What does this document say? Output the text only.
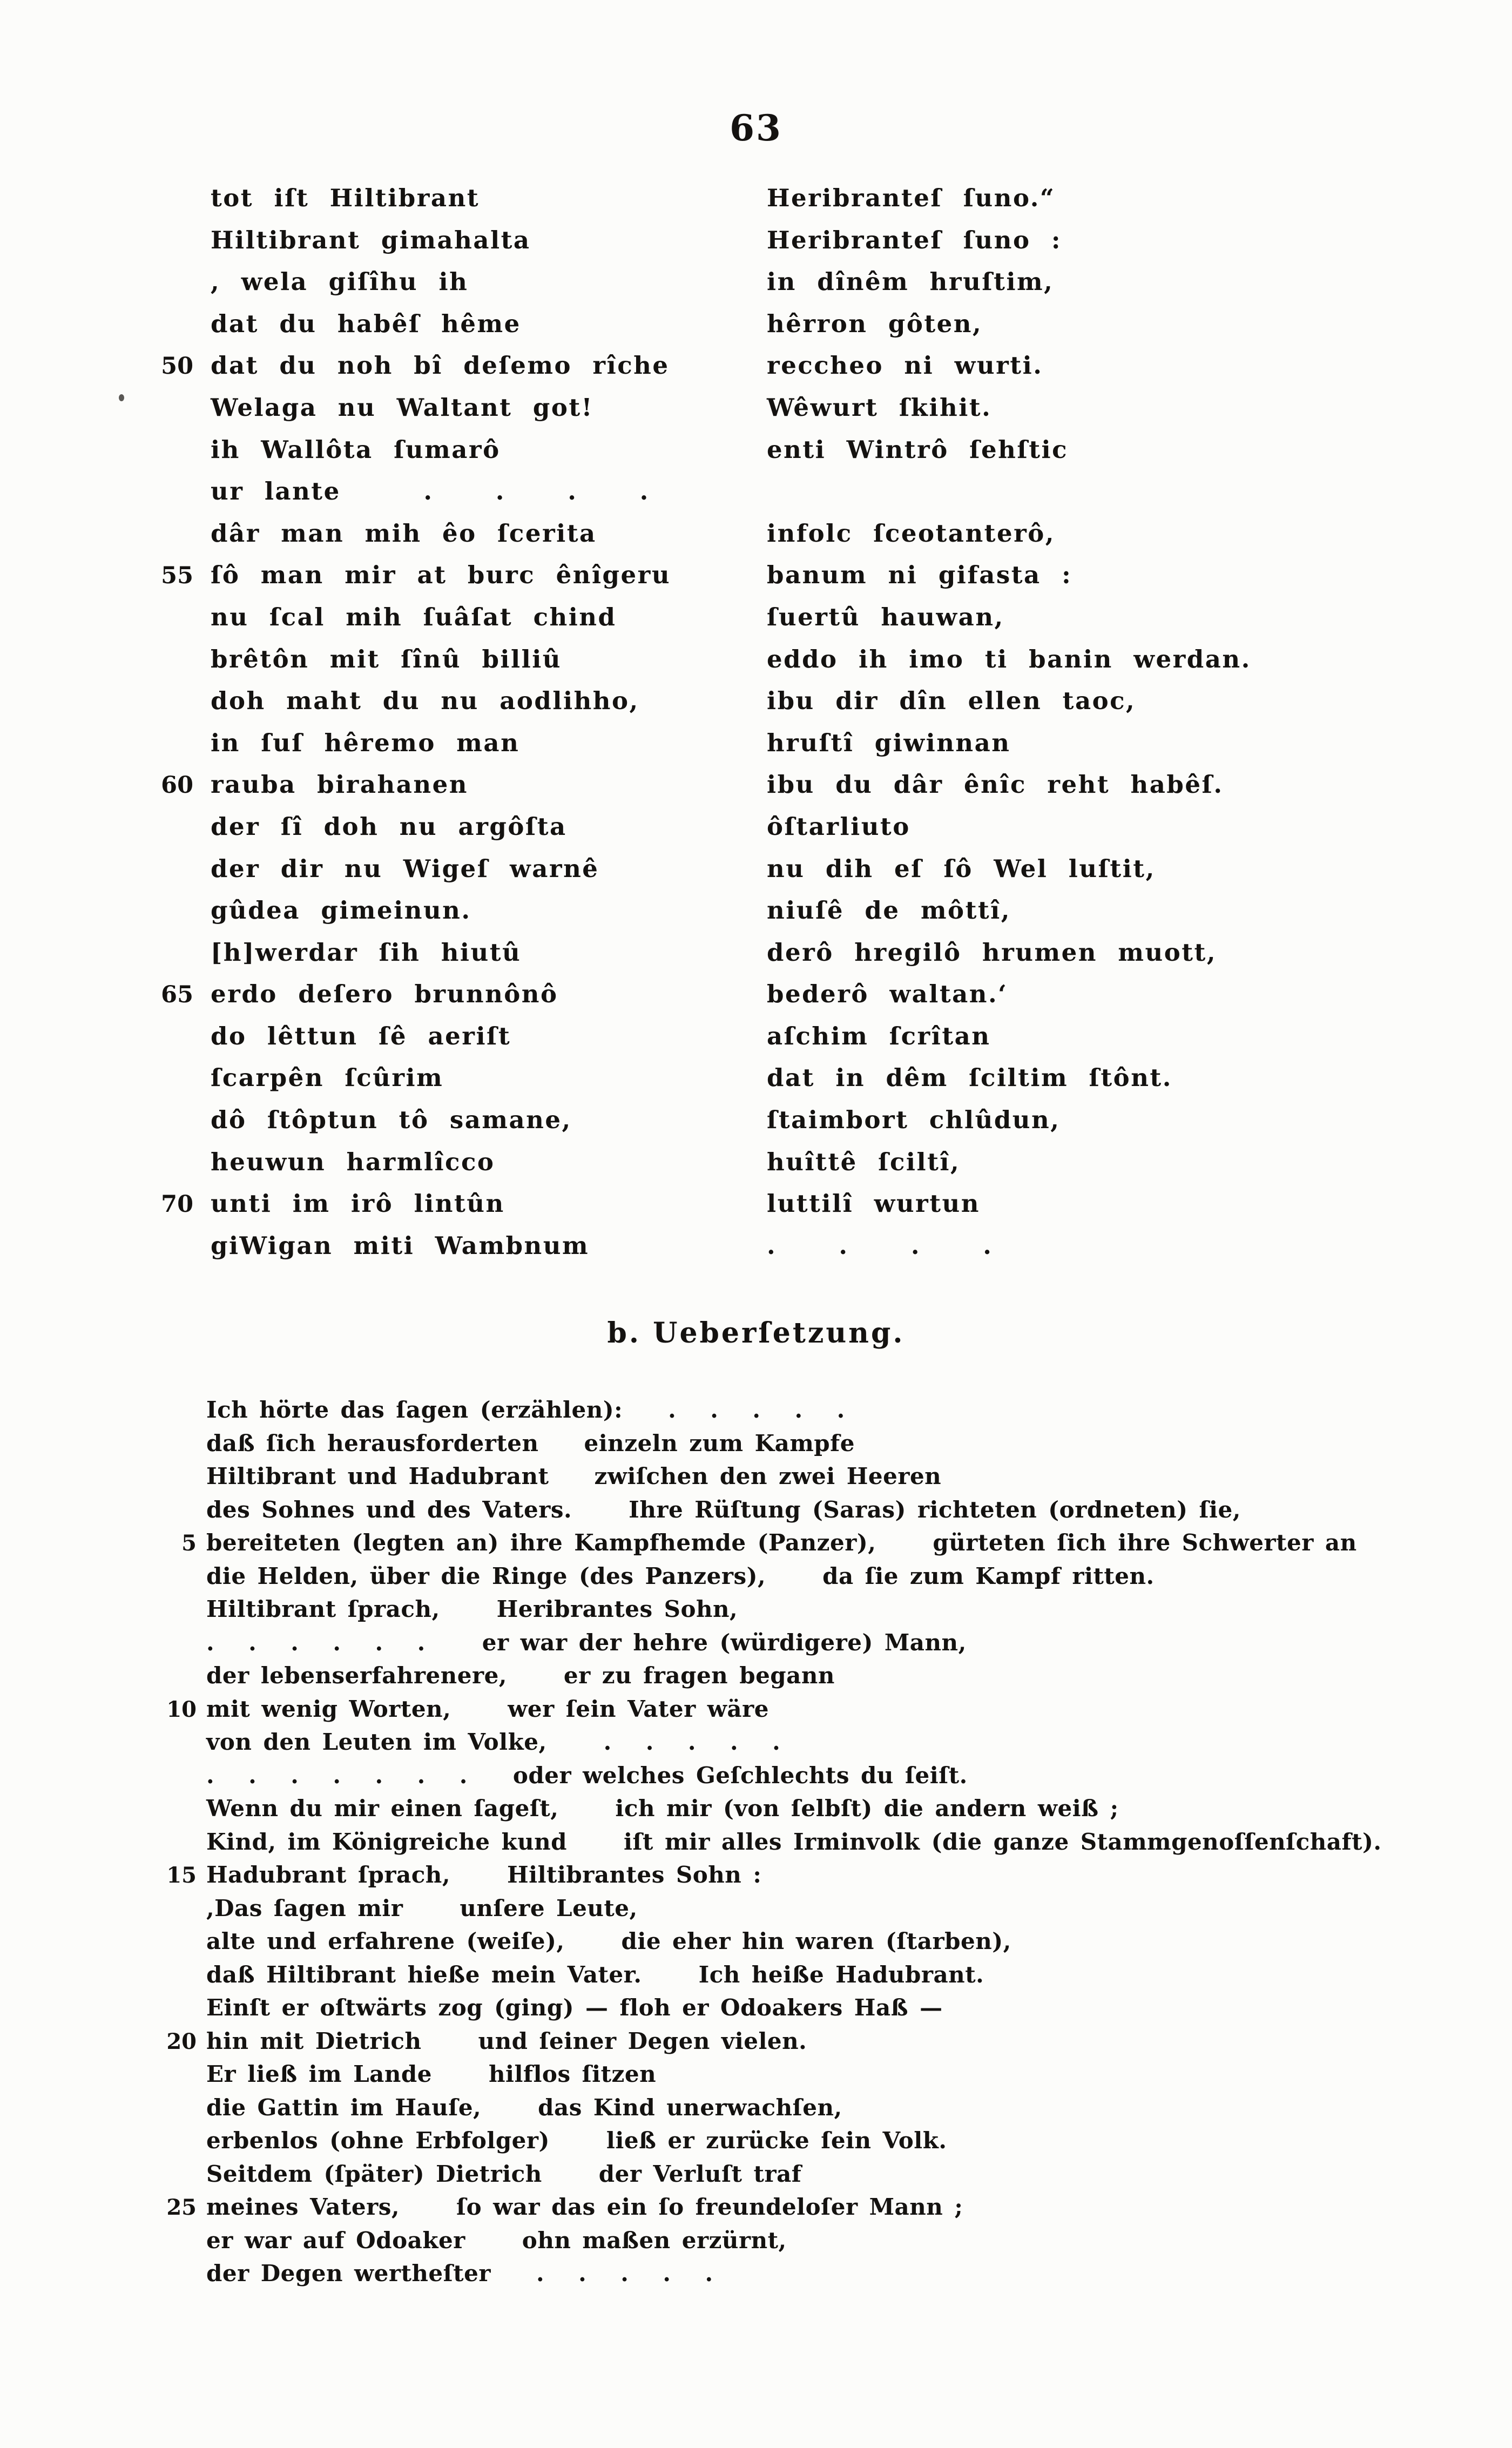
63
tot iſt Hiltibrant	Heribranteſ ſuno.“
Hiltibrant gimahalta	Heribranteſ ſuno :
, wela giſîhu ih	in dînêm hruſtim,
dat du habêſ hême	hêrron gôten,
50 dat du noh bî deſemo rîche	reccheo ni wurti.
Welaga nu Waltant got!	Wêwurt ſkihit.
ih Wallôta ſumarô	enti Wintrô ſehſtic
ur lante    .   .   .   .
dâr man mih êo ſcerita	infolc ſceotanterô,
55 ſô man mir at burc ênîgeru	banum ni gifasta :
nu ſcal mih ſuâſat chind	ſuertû hauwan,
brêtôn mit ſînû billiû	eddo ih imo ti banin werdan.
doh maht du nu aodlihho,	ibu dir dîn ellen taoc,
in ſuſ hêremo man	hruſtî giwinnan
60 rauba birahanen	ibu du dâr ênîc reht habêſ.
der ſî doh nu argôſta	ôſtarliuto
der dir nu Wigeſ warnê	nu dih eſ ſô Wel luſtit,
gûdea gimeinun.	niuſê de môttî,
[h]werdar ſih hiutû	derô hregilô hrumen muott,
65 erdo deſero brunnônô	bederô waltan.‘
do lêttun ſê aeriſt	aſchim ſcrîtan
ſcarpên ſcûrim	dat in dêm ſciltim ſtônt.
dô ſtôptun tô samane,	ſtaimbort chlûdun,
heuwun harmlîcco	huîttê ſciltî,
70 unti im irô lintûn	luttilî wurtun
giWigan miti Wambnum	.   .   .   .
b. Ueberſetzung.
Ich hörte das ſagen (erzählen):    .   .   .   .   .
daß ſich herausforderten    einzeln zum Kampfe
Hiltibrant und Hadubrant    zwiſchen den zwei Heeren
des Sohnes und des Vaters.     Ihre Rüſtung (Saras) richteten (ordneten) ſie,
5 bereiteten (legten an) ihre Kampfhemde (Panzer),     gürteten ſich ihre Schwerter an
die Helden, über die Ringe (des Panzers),     da ſie zum Kampf ritten.
Hiltibrant ſprach,     Heribrantes Sohn,
.   .   .   .   .   .     er war der hehre (würdigere) Mann,
der lebenserfahrenere,     er zu fragen begann
10 mit wenig Worten,     wer ſein Vater wäre
von den Leuten im Volke,     .   .   .   .   .
.   .   .   .   .   .   .    oder welches Geſchlechts du ſeiſt.
Wenn du mir einen ſageſt,     ich mir (von ſelbſt) die andern weiß ;
Kind, im Königreiche kund     iſt mir alles Irminvolk (die ganze Stammgenoſſenſchaft).
15 Hadubrant ſprach,     Hiltibrantes Sohn :
,Das ſagen mir     unſere Leute,
alte und erfahrene (weiſe),     die eher hin waren (ſtarben),
daß Hiltibrant hieße mein Vater.     Ich heiße Hadubrant.
Einſt er oſtwärts zog (ging) — floh er Odoakers Haß —
20 hin mit Dietrich     und ſeiner Degen vielen.
Er ließ im Lande     hilflos ſitzen
die Gattin im Hauſe,     das Kind unerwachſen,
erbenlos (ohne Erbfolger)     ließ er zurücke ſein Volk.
Seitdem (ſpäter) Dietrich     der Verluſt traf
25 meines Vaters,     ſo war das ein ſo freundeloſer Mann ;
er war auf Odoaker     ohn maßen erzürnt,
der Degen wertheſter    .   .   .   .   .
